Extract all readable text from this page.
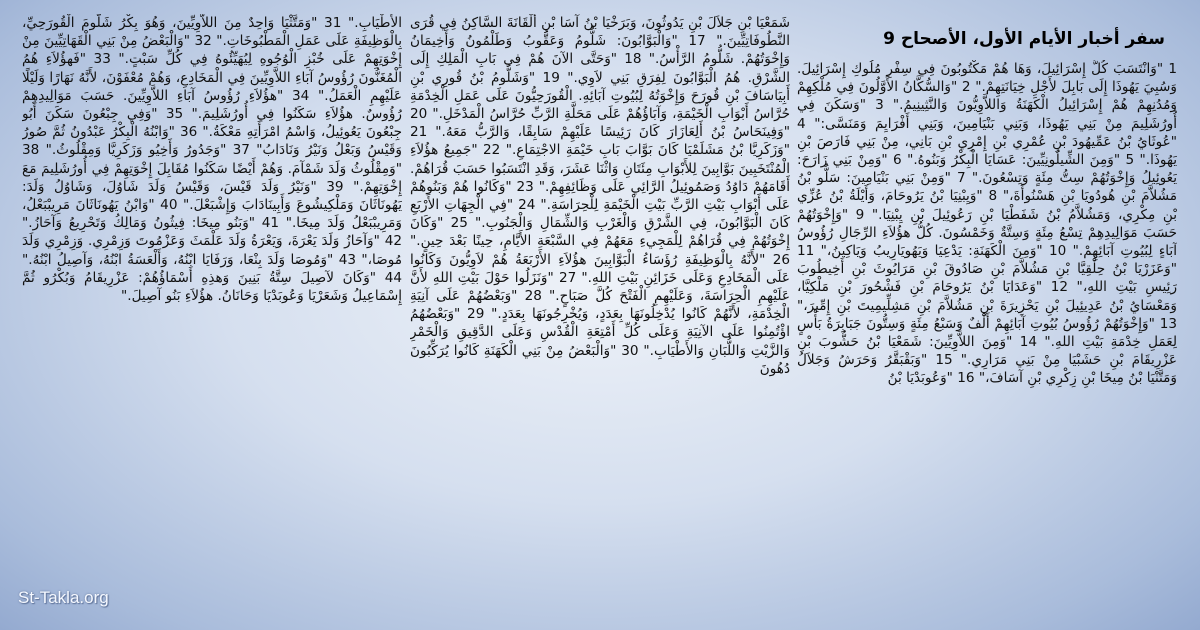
سفر أخبار الأيام الأول، الأصحاح 9

1 "وَانْتَسَبَ كُلُّ إِسْرَائِيلَ، وَهَا هُمْ مَكْتُوبُونَ فِي سِفْرِ مُلُوكِ إِسْرَائِيلَ. وَسُبِيَ يَهُوذَا إِلَى بَابِلَ لأَجْلِ خِيَانَتِهِمْ." 2 "وَالسُّكَّانُ الأَوَّلُونَ فِي مُلْكِهِمْ وَمُدُنِهِمْ هُمْ إِسْرَائِيلُ الْكَهَنَةُ وَاللاَّوِيُّونَ وَالنَّثِينِيمُ." 3 "وَسَكَنَ فِي أُورُشَلِيمَ مِنْ بَنِي يَهُوذَا، وَبَنِي بَنْيَامِينَ، وَبَنِي أَفْرَايِمَ وَمَنَسَّى:" 4 "عُوثَايُ بْنُ عَمِّيهُودَ بْنِ عُمْرِي بْنِ إِمْرِي بْنِ بَانِي، مِنْ بَنِي فَارَصَ بْنِ يَهُوذَا." 5 "وَمِنَ الشِّيلُونِيِّينَ: عَسَايَا الْبِكْرُ وَبَنُوهُ." 6 "وَمِنْ بَنِي زَارَحَ: يَعُوئِيلُ وَإِخْوَتُهُمْ سِتُّ مِئَةٍ وَتِسْعُونَ." 7 "وَمِنْ بَنِي بَنْيَامِينَ: سَلُّو بْنُ مَشُلاَّمَ بْنِ هُودُويَا بْنِ هَسْنُوأَةَ،" 8 "وَيِبْنِيَا بْنُ يَرُوحَامَ، وَأَيْلَةُ بْنُ عُزِّي بْنِ مِكْرِي، وَمَشُلاَّمُ بْنُ شَفَطْيَا بْنِ رَعُوئِيلَ بْنِ يِبْنِيَا." 9 "وَإِخْوَتُهُمْ حَسَبَ مَوَالِيدِهِمْ تِسْعُ مِئَةٍ وَسِتَّةٌ وَخَمْسُونَ. كُلُّ هؤُلاَءِ الرِّجَالِ رُؤُوسُ آبَاءٍ لِبُيُوتِ آبَائِهِمْ." 10 "وَمِنَ الْكَهَنَةِ: يَدْعِيَا وَيَهُويَارِيبُ وَيَاكِينُ،" 11 "وَعَزَرْيَا بْنُ حِلْقِيَّا بْنِ مَشُلاَّمَ بْنِ صَادُوقَ بْنِ مَرَايُوثَ بْنِ أَخِيطُوبَ رَئِيسِ بَيْتِ اللهِ،" 12 "وَعَدَايَا بْنُ يَرُوحَامَ بْنِ فَشْحُورَ بْنِ مَلْكِيَّا، وَمَعْسَايُ بْنُ عَدِيئِيلَ بْنِ يَحْزِيرَةَ بْنِ مَشُلاَّمَ بْنِ مَشِلِّيمِيتَ بْنِ إِمِّيرَ،" 13 "وَإِخْوَتُهُمْ رُؤُوسُ بُيُوتِ آبَائِهِمْ أَلْفٌ وَسَبْعُ مِئَةٍ وَسِتُّونَ جَبَابِرَةُ بَأْسٍ لِعَمَلِ خِدْمَةِ بَيْتِ اللهِ." 14 "وَمِنَ اللاَّوِيِّينَ: شَمَعْيَا بْنُ حَشُّوبَ بْنِ عَزْرِيقَامَ بْنِ حَشَبْيَا مِنْ بَنِي مَرَارِي." 15 "وَبَقْبَقَّرُ وَحَرَشُ وَجَلاَلُ وَمَتَّنْيَا بْنُ مِيخَا بْنِ زِكْرِي بْنِ آسَافَ،" 16 "وَعُوبَدْيَا بْنُ

شَمَعْيَا بْنِ جَلاَلَ بْنِ يَدُوثُونَ، وَبَرَخْيَا بْنُ آسَا بْنِ أَلْقَانَةَ السَّاكِنُ فِي قُرَى النَّطُوفَاتِيِّينَ." 17 "وَالْبَوَّابُونَ: شَلُّومُ وَعَقُّوبُ وَطَلْمُونُ وَأَخِيمَانُ وَإِخْوَتُهُمْ. شَلُّومُ الرَّأْسُ." 18 "وَحَتَّى الآنَ هُمْ فِي بَابِ الْمَلِكِ إِلَى الشَّرْقِ. هُمُ الْبَوَّابُونَ لِفِرَقِ بَنِي لاَوِي." 19 "وَشَلُّومُ بْنُ قُورِي بْنِ أَبِيَاسَافَ بْنِ قُورَحَ وَإِخْوَتُهُ لِبُيُوتِ آبَائِهِ. الْقُورَحِيُّونَ عَلَى عَمَلِ الْخِدْمَةِ حُرَّاسُ أَبْوَابِ الْخَيْمَةِ، وَآبَاؤُهُمْ عَلَى مَحَلَّةِ الرَّبِّ حُرَّاسُ الْمَدْخَلِ." 20 "وَفِينَحَاسُ بْنُ أَلِعَازَارَ كَانَ رَئِيسًا عَلَيْهِمْ سَابِقًا، وَالرَّبُّ مَعَهُ." 21 "وَزَكَرِيَّا بْنُ مَشَلَمْيَا كَانَ بَوَّابَ بَابِ خَيْمَةِ الاجْتِمَاعِ." 22 "جَمِيعُ هؤُلاَءِ الْمُنْتَخَبِينَ بَوَّابِينَ لِلأَبْوَابِ مِئَتَانِ وَاثْنَا عَشَرَ، وَقَدِ انْتَسَبُوا حَسَبَ قُرَاهُمْ. أَقَامَهُمْ دَاوُدُ وَصَمُوئِيلُ الرَّائِي عَلَى وَظَائِفِهِمْ." 23 "وَكَانُوا هُمْ وَبَنُوهُمْ عَلَى أَبْوَابِ بَيْتِ الرَّبِّ بَيْتِ الْخَيْمَةِ لِلْحِرَاسَةِ." 24 "فِي الْجِهَاتِ الأَرْبَعِ كَانَ الْبَوَّابُونَ، فِي الشَّرْقِ وَالْغَرْبِ وَالشِّمَالِ وَالْجَنُوبِ." 25 "وَكَانَ إِخْوَتُهُمْ فِي قُرَاهُمْ لِلْمَجِيءِ مَعَهُمْ فِي السَّبْعَةِ الأَيَّامِ، حِينًا بَعْدَ حِينٍ." 26 "لأَنَّهُ بِالْوَظِيفَةِ رُؤَسَاءُ الْبَوَّابِينَ هؤُلاَءِ الأَرْبَعَةُ هُمْ لاَوِيُّونَ وَكَانُوا عَلَى الْمَخَادِعِ وَعَلَى خَزَائِنِ بَيْتِ اللهِ." 27 "وَنَزَلُوا حَوْلَ بَيْتِ اللهِ لأَنَّ عَلَيْهِمِ الْحِرَاسَةَ، وَعَلَيْهِمِ الْفَتْحَ كُلَّ صَبَاحٍ." 28 "وَبَعْضُهُمْ عَلَى آنِيَةِ الْخِدْمَةِ، لأَنَّهُمْ كَانُوا يُدْخِلُونَهَا بِعَدَدٍ، وَيُخْرِجُونَهَا بِعَدَدٍ." 29 "وَبَعْضُهُمُ اؤْتُمِنُوا عَلَى الآنِيَةِ وَعَلَى كُلِّ أَمْتِعَةِ الْقُدْسِ وَعَلَى الدَّقِيقِ وَالْخَمْرِ وَالزَّيْتِ وَاللُّبَانِ وَالأَطْيَابِ." 30 "وَالْبَعْضُ مِنْ بَنِي الْكَهَنَةِ كَانُوا يُرَكِّبُونَ دُهُونَ

الأَطْيَابِ." 31 "وَمَتَّثْيَا وَاحِدٌ مِنَ اللاَّوِيِّينَ، وَهُوَ بِكْرُ شَلُّومَ الْقُورَحِيِّ، بِالْوَظِيفَةِ عَلَى عَمَلِ الْمَطْبُوخَاتِ." 32 "وَالْبَعْضُ مِنْ بَنِي الْقَهَاتِيِّينَ مِنْ إِخْوَتِهِمْ عَلَى خُبْزِ الْوُجُوهِ لِيُهَيِّئُوهُ فِي كُلِّ سَبْتٍ." 33 "فَهؤُلاَءِ هُمُ الْمُغَنُّونَ رُؤُوسُ آبَاءِ اللاَّوِيِّينَ فِي الْمَخَادِعِ، وَهُمْ مُعْفَوْنَ، لأَنَّهُ نَهَارًا وَلَيْلًا عَلَيْهِمِ الْعَمَلُ." 34 "هؤُلاَءِ رُؤُوسُ آبَاءِ اللاَّوِيِّينَ. حَسَبَ مَوَالِيدِهِمْ رُؤُوسٌ. هؤُلاَءِ سَكَنُوا فِي أُورُشَلِيمَ." 35 "وَفِي جِبْعُونَ سَكَنَ أَبُو جِبْعُونَ يَعُوئِيلُ، وَاسْمُ امْرَأَتِهِ مَعْكَةُ." 36 "وَابْنُهُ الْبِكْرُ عَبْدُونُ ثُمَّ صُورُ وَقَيْسُ وَبَعْلُ وَنَيْرُ وَنَادَابُ" 37 "وَجَدُورُ وَأَخِيُو وَزَكَرِيَّا وَمِقْلُوثُ." 38 "وَمِقْلُوثُ وَلَدَ شَمْآمَ. وَهُمْ أَيْضًا سَكَنُوا مُقَابِلَ إِخْوَتِهِمْ فِي أُورُشَلِيمَ مَعَ إِخْوَتِهِمْ." 39 "وَنَيْرُ وَلَدَ قَيْسَ، وَقَيْسُ وَلَدَ شَاوُلَ، وَشَاوُلُ وَلَدَ: يَهُونَاثَانَ وَمَلْكِيشُوعَ وَأَبِينَادَابَ وَإِشْبَعْلَ." 40 "وَابْنُ يَهُونَاثَانَ مَرِيبْبَعْلُ، وَمَرِيبْبَعْلُ وَلَدَ مِيخَا." 41 "وَبَنُو مِيخَا: فِيثُونُ وَمَالِكُ وَتَحْرِيعُ وَآحَازُ." 42 "وَآحَازُ وَلَدَ يَعْرَةَ، وَيَعْرَةُ وَلَدَ عَلْمَثَ وَعَزْمُوتَ وَزِمْرِي. وَزِمْرِي وَلَدَ مُوصَا،" 43 "وَمُوصَا وَلَدَ بِنْعَا، وَرَفَايَا ابْنُهُ، وَأَلْعَسَةُ ابْنُهُ، وَآصِيلُ ابْنُهُ." 44 "وَكَانَ لآصِيلَ سِتَّةُ بَنِينَ وَهذِهِ أَسْمَاؤُهُمْ: عَزْرِيقَامُ وَبُكْرُو ثُمَّ إِسْمَاعِيلُ وَشَعَرْيَا وَعُوبَدْيَا وَحَانَانُ. هؤُلاَءِ بَنُو آصِيلَ."

St-Takla.org
